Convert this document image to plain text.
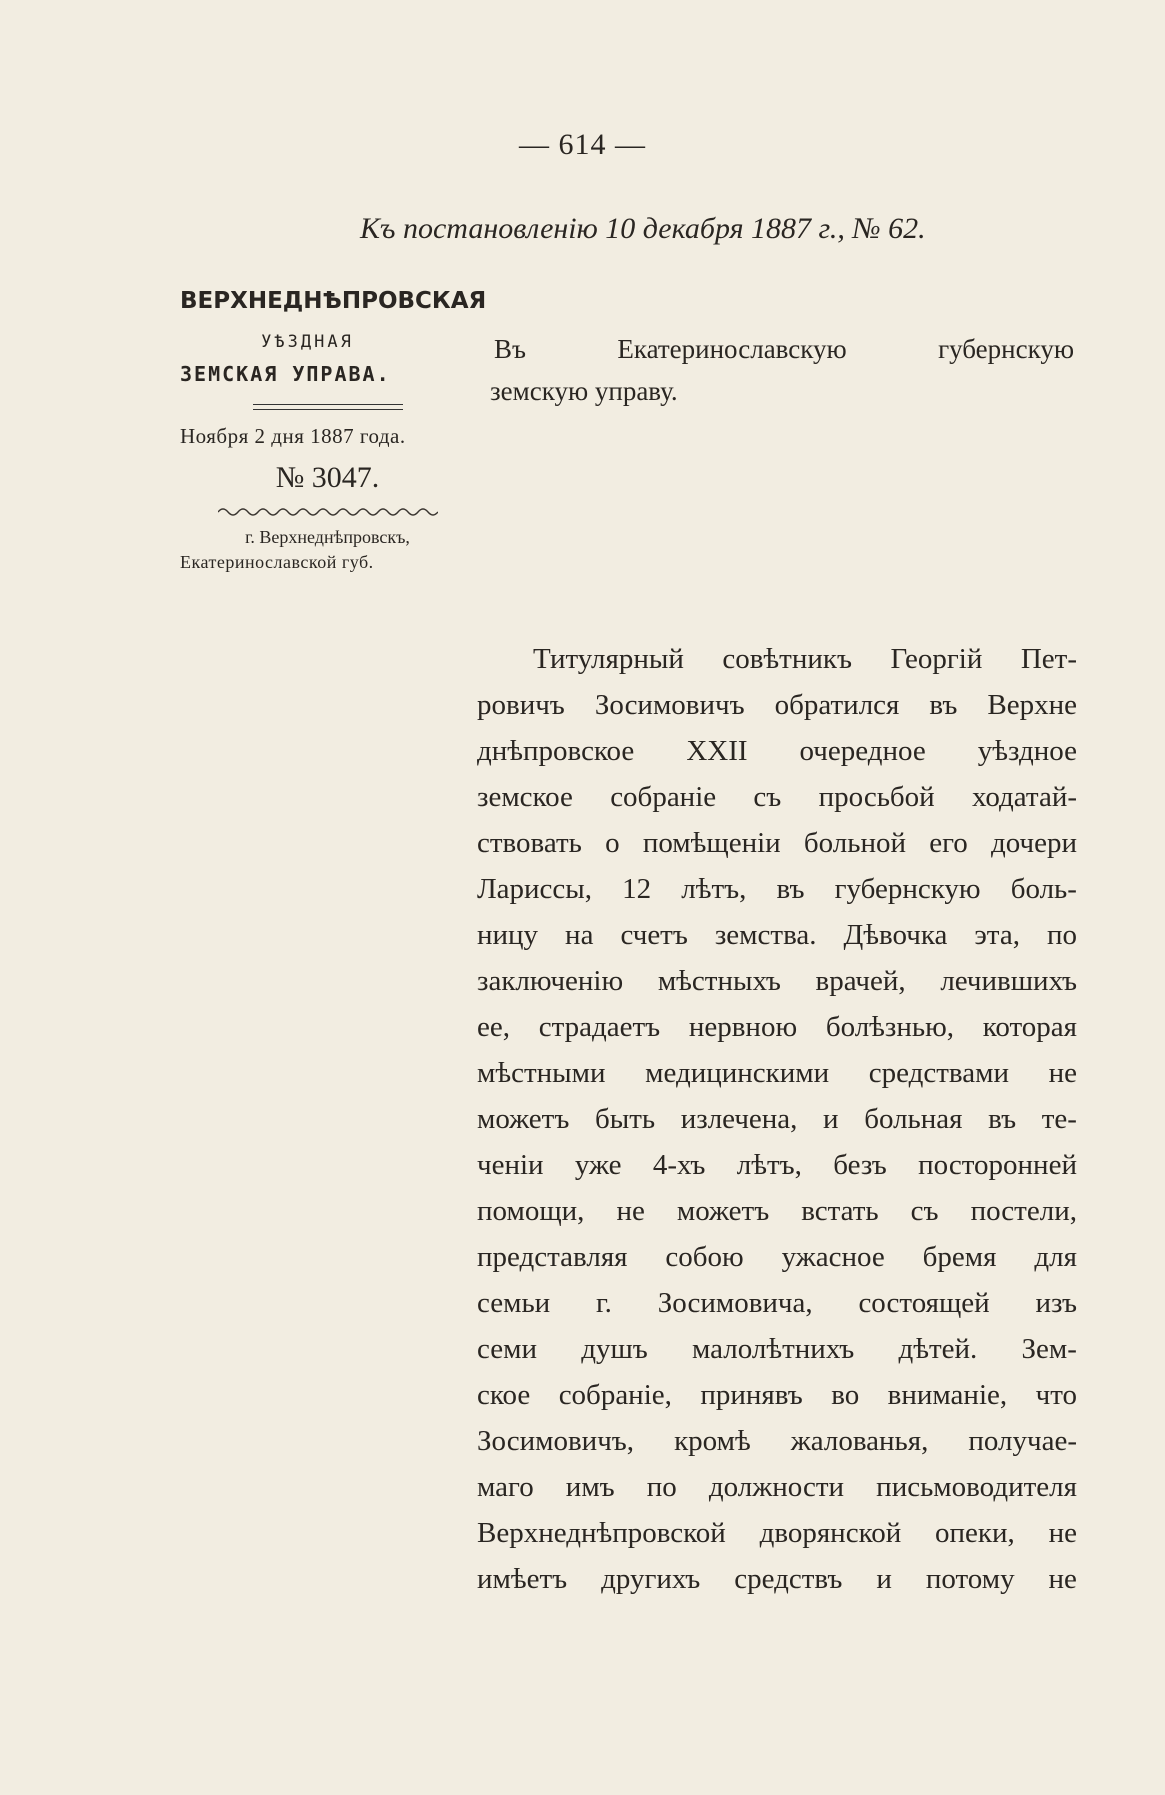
— 614 —
Къ постановленію 10 декабря 1887 г., № 62.
ВЕРХНЕДНѢПРОВСКАЯ
УѢЗДНАЯ
ЗЕМСКАЯ УПРАВА.
Ноября 2 дня 1887 года.
№ 3047.
г. Верхнеднѣпровскъ,
Екатеринославской губ.
Въ	Екатеринославскую	губернскую
земскую управу.
Титулярный совѣтникъ Георгій Пет-
ровичъ Зосимовичъ обратился въ Верхне
днѣпровское XXII очередное уѣздное
земское собраніе съ просьбой ходатай-
ствовать о помѣщеніи больной его дочери
Ларисcы, 12 лѣтъ, въ губернскую боль-
ницу на счетъ земства. Дѣвочка эта, по
заключенію мѣстныхъ врачей, лечившихъ
ее, страдаетъ нервною болѣзнью, которая
мѣстными медицинскими средствами не
можетъ быть излечена, и больная въ те-
ченіи уже 4-хъ лѣтъ, безъ посторонней
помощи, не можетъ встать съ постели,
представляя собою ужасное бремя для
семьи г. Зосимовича, состоящей изъ
семи душъ малолѣтнихъ дѣтей. Зем-
ское собраніе, принявъ во вниманіе, что
Зосимовичъ, кромѣ жалованья, получае-
маго имъ по должности письмоводителя
Верхнеднѣпровской дворянской опеки, не
имѣетъ другихъ средствъ и потому не
